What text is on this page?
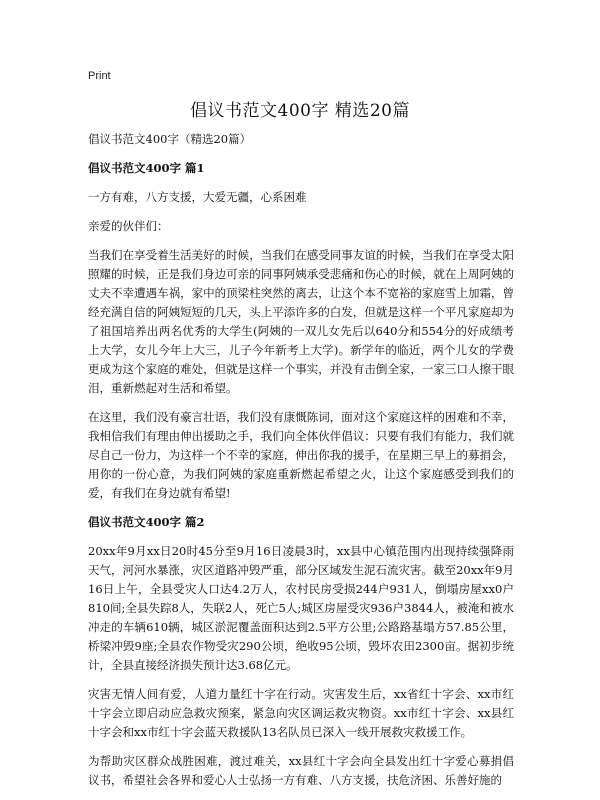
Print
倡议书范文400字 精选20篇

倡议书范文400字（精选20篇）

倡议书范文400字 篇1

一方有难，八方支援，大爱无疆，心系困难

亲爱的伙伴们：

当我们在享受着生活美好的时候，当我们在感受同事友谊的时候，当我们在享受太阳照耀的时候，正是我们身边可亲的同事阿姨承受悲痛和伤心的时候，就在上周阿姨的丈夫不幸遭遇车祸，家中的顶梁柱突然的离去，让这个本不宽裕的家庭雪上加霜，曾经充满自信的阿姨短短的几天，头上平添许多的白发，但就是这样一个平凡家庭却为了祖国培养出两名优秀的大学生(阿姨的一双儿女先后以640分和554分的好成绩考上大学，女儿今年上大三，儿子今年新考上大学)。新学年的临近，两个儿女的学费更成为这个家庭的难处，但就是这样一个事实，并没有击倒全家，一家三口人擦干眼泪，重新燃起对生活和希望。

在这里，我们没有豪言壮语，我们没有康慨陈词，面对这个家庭这样的困难和不幸，我相信我们有理由伸出援助之手，我们向全体伙伴倡议：只要有我们有能力，我们就尽自己一份力，为这样一个不幸的家庭，伸出你我的援手，在星期三早上的募捐会，用你的一份心意，为我们阿姨的家庭重新燃起希望之火，让这个家庭感受到我们的爱，有我们在身边就有希望!

倡议书范文400字 篇2

20xx年9月xx日20时45分至9月16日凌晨3时，xx县中心镇范围内出现持续强降雨天气，河河水暴涨，灾区道路冲毁严重，部分区域发生泥石流灾害。截至20xx年9月16日上午，全县受灾人口达4.2万人，农村民房受损244户931人，倒塌房屋xx0户810间;全县失踪8人，失联2人，死亡5人;城区房屋受灾936户3844人，被淹和被水冲走的车辆610辆，城区淤泥覆盖面积达到2.5平方公里;公路路基塌方57.85公里，桥梁冲毁9座;全县农作物受灾290公顷，绝收95公顷，毁坏农田2300亩。据初步统计，全县直接经济损失预计达3.68亿元。

灾害无情人间有爱，人道力量红十字在行动。灾害发生后，xx省红十字会、xx市红十字会立即启动应急救灾预案，紧急向灾区调运救灾物资。xx市红十字会、xx县红十字会和xx市红十字会蓝天救援队13名队员已深入一线开展救灾救援工作。

为帮助灾区群众战胜困难，渡过难关，xx县红十字会向全县发出红十字爱心募捐倡议书，希望社会各界和爱心人士弘扬一方有难、八方支援，扶危济困、乐善好施的
